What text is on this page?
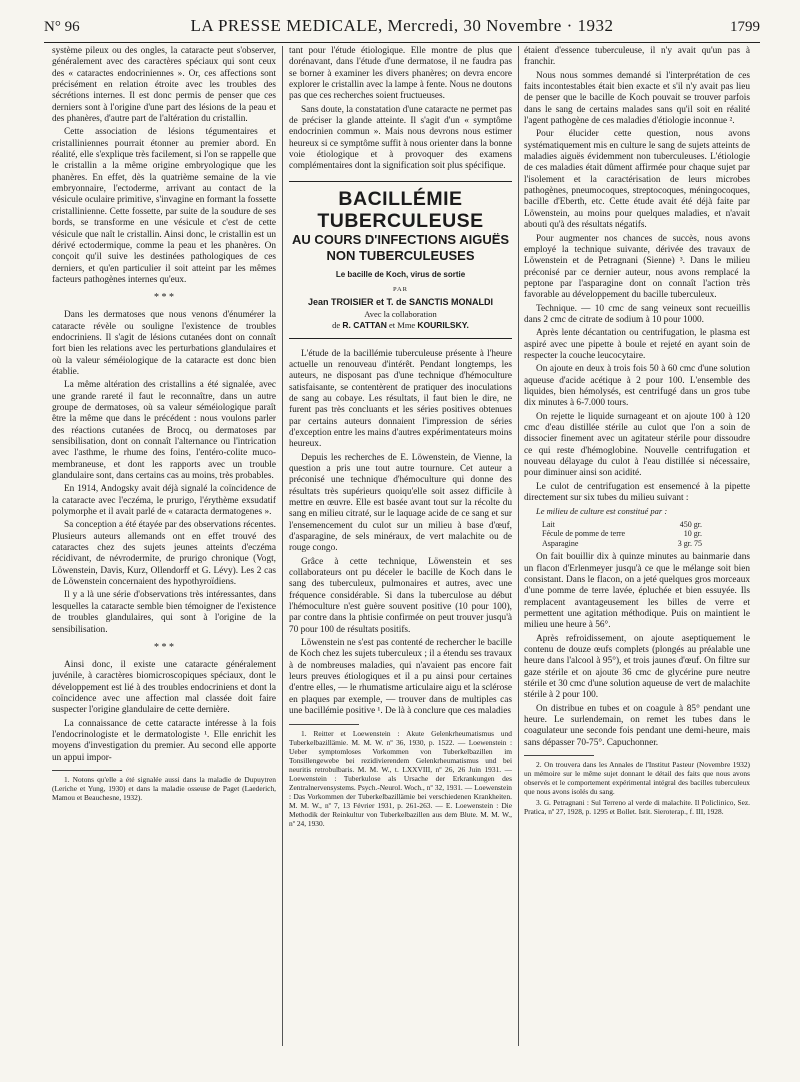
N° 96	LA PRESSE MEDICALE, Mercredi, 30 Novembre · 1932	1799

système pileux ou des ongles, la cataracte peut s'observer, généralement avec des caractères spéciaux qui sont ceux des « cataractes endocriniennes ». Or, ces affections sont précisément en relation étroite avec les troubles des sécrétions internes. Il est donc permis de penser que ces derniers sont à l'origine d'une part des lésions de la peau et des phanères, d'autre part de l'altération du cristallin.

Cette association de lésions tégumentaires et cristalliniennes pourrait étonner au premier abord. En réalité, elle s'explique très facilement, si l'on se rappelle que le cristallin a la même origine embryologique que les phanères. En effet, dès la quatrième semaine de la vie embryonnaire, l'ectoderme, arrivant au contact de la vésicule oculaire primitive, s'invagine en formant la fossette cristallinienne. Cette fossette, par suite de la soudure de ses bords, se transforme en une vésicule et c'est de cette vésicule que naît le cristallin. Ainsi donc, le cristallin est un dérivé ectodermique, comme la peau et les phanères. On conçoit qu'il suive les destinées pathologiques de ces derniers, et qu'en particulier il soit atteint par les mêmes facteurs pathogènes internes qu'eux.

* * *

Dans les dermatoses que nous venons d'énumérer la cataracte révèle ou souligne l'existence de troubles endocriniens. Il s'agit de lésions cutanées dont on connaît fort bien les relations avec les perturbations glandulaires et où la valeur séméiologique de la cataracte est donc bien établie.

La même altération des cristallins a été signalée, avec une grande rareté il faut le reconnaître, dans un autre groupe de dermatoses, où sa valeur séméiologique paraît être la même que dans le précédent : nous voulons parler des réactions cutanées de Brocq, ou dermatoses par sensibilisation, dont on connaît l'alternance ou l'intrication avec l'asthme, le rhume des foins, l'entéro-colite muco-membraneuse, et dont les rapports avec un trouble glandulaire sont, dans certains cas au moins, très probables.

En 1914, Andogsky avait déjà signalé la coïncidence de la cataracte avec l'eczéma, le prurigo, l'érythème exsudatif polymorphe et il avait parlé de « cataracta dermatogenes ».

Sa conception a été étayée par des observations récentes. Plusieurs auteurs allemands ont en effet trouvé des cataractes chez des sujets jeunes atteints d'eczéma récidivant, de névrodermite, de prurigo chronique (Vogt, Löwenstein, Davis, Kurz, Ollendorff et G. Lévy). Les 2 cas de Löwenstein concernaient des hypothyroïdiens.

Il y a là une série d'observations très intéressantes, dans lesquelles la cataracte semble bien témoigner de l'existence de troubles glandulaires, qui sont à l'origine de la sensibilisation.

* * *

Ainsi donc, il existe une cataracte généralement juvénile, à caractères biomicroscopiques spéciaux, dont le développement est lié à des troubles endocriniens et dont la coïncidence avec une affection mal classée doit faire suspecter l'origine glandulaire de cette dernière.

La connaissance de cette cataracte intéresse à la fois l'endocrinologiste et le dermatologiste ¹. Elle enrichit les moyens d'investigation du premier. Au second elle apporte un appui impor-

1. Notons qu'elle a été signalée aussi dans la maladie de Dupuytren (Leriche et Yung, 1930) et dans la maladie osseuse de Paget (Laederich, Mamou et Beauchesne, 1932).

tant pour l'étude étiologique. Elle montre de plus que dorénavant, dans l'étude d'une dermatose, il ne faudra pas se borner à examiner les divers phanères; on devra encore explorer le cristallin avec la lampe à fente. Nous ne doutons pas que ces recherches soient fructueuses.

Sans doute, la constatation d'une cataracte ne permet pas de préciser la glande atteinte. Il s'agit d'un « symptôme endocrinien commun ». Mais nous devrons nous estimer heureux si ce symptôme suffit à nous orienter dans la bonne voie étiologique et à provoquer des examens complémentaires dont la signification soit plus spécifique.

BACILLÉMIE TUBERCULEUSE
AU COURS D'INFECTIONS AIGUËS
NON TUBERCULEUSES
Le bacille de Koch, virus de sortie
PAR
Jean TROISIER et T. de SANCTIS MONALDI
Avec la collaboration
de R. CATTAN et Mme KOURILSKY.

L'étude de la bacillémie tuberculeuse présente à l'heure actuelle un renouveau d'intérêt. Pendant longtemps, les auteurs, ne disposant pas d'une technique d'hémoculture satisfaisante, se contentèrent de pratiquer des inoculations de sang au cobaye. Les résultats, il faut bien le dire, ne furent pas très concluants et les séries positives obtenues par certains auteurs donnaient l'impression de séries d'exception entre les mains d'autres expérimentateurs moins heureux.

Depuis les recherches de E. Löwenstein, de Vienne, la question a pris une tout autre tournure. Cet auteur a préconisé une technique d'hémoculture qui donne des résultats très supérieurs quoiqu'elle soit assez difficile à mettre en œuvre. Elle est basée avant tout sur la récolte du sang en milieu citraté, sur le laquage acide de ce sang et sur l'ensemencement du culot sur un milieu à base d'œuf, d'asparagine, de sels minéraux, de vert malachite ou de rouge congo.

Grâce à cette technique, Löwenstein et ses collaborateurs ont pu déceler le bacille de Koch dans le sang des tuberculeux, pulmonaires et autres, avec une fréquence considérable. Si dans la tuberculose au début l'hémoculture n'est guère souvent positive (10 pour 100), par contre dans la phtisie confirmée on peut trouver jusqu'à 70 pour 100 de résultats positifs.

Löwenstein ne s'est pas contenté de rechercher le bacille de Koch chez les sujets tuberculeux ; il a étendu ses travaux à de nombreuses maladies, qui n'avaient pas encore fait leurs preuves étiologiques et il a pu ainsi pour certaines d'entre elles, — le rhumatisme articulaire aigu et la sclérose en plaques par exemple, — trouver dans de multiples cas une bacillémie positive ¹. De là à conclure que ces maladies

1. Reitter et Loewenstein : Akute Gelenkrheumatismus und Tuberkelbazillämie. M. M. W. nº 36, 1930, p. 1522. — Loewenstein : Ueber symptomloses Vorkommen von Tuberkelbazillen im Tonsillengewebe bei rezidivierendem Gelenkrheumatismus und bei neuritis retrobulbaris. M. M. W., t. LXXVIII, nº 26, 26 Juin 1931. — Loewenstein : Tuberkulose als Ursache der Erkrankungen des Zentralnervensystems. Psych.-Neurol. Woch., nº 32, 1931. — Loewenstein : Das Vorkommen der Tuberkelbazillämie bei verschiedenen Krankheiten. M. M. W., nº 7, 13 Février 1931, p. 261-263. — E. Loewenstein : Die Methodik der Reinkultur von Tuberkelbazillen aus dem Blute. M. M. W., nº 24, 1930.

étaient d'essence tuberculeuse, il n'y avait qu'un pas à franchir.

Nous nous sommes demandé si l'interprétation de ces faits incontestables était bien exacte et s'il n'y avait pas lieu de penser que le bacille de Koch pouvait se trouver parfois dans le sang de certains malades sans qu'il soit en réalité l'agent pathogène de ces maladies d'étiologie inconnue ².

Pour élucider cette question, nous avons systématiquement mis en culture le sang de sujets atteints de maladies aiguës évidemment non tuberculeuses. L'étiologie de ces maladies était dûment affirmée pour chaque sujet par l'isolement et la caractérisation de leurs microbes pathogènes, pneumocoques, streptocoques, méningocoques, bacille d'Eberth, etc. Cette étude avait été déjà faite par Löwenstein, au moins pour quelques maladies, et n'avait abouti qu'à des résultats négatifs.

Pour augmenter nos chances de succès, nous avons employé la technique suivante, dérivée des travaux de Löwenstein et de Petragnani (Sienne) ³. Dans le milieu préconisé par ce dernier auteur, nous avons remplacé la peptone par l'asparagine dont on connaît l'action très favorable au développement du bacille tuberculeux.

Technique. — 10 cmc de sang veineux sont recueillis dans 2 cmc de citrate de sodium à 10 pour 1000.

Après lente décantation ou centrifugation, le plasma est aspiré avec une pipette à boule et rejeté en ayant soin de respecter la couche leucocytaire.

On ajoute en deux à trois fois 50 à 60 cmc d'une solution aqueuse d'acide acétique à 2 pour 100. L'ensemble des liquides, bien hémolysés, est centrifugé dans un gros tube dix minutes à 6-7.000 tours.

On rejette le liquide surnageant et on ajoute 100 à 120 cmc d'eau distillée stérile au culot que l'on a soin de dissocier finement avec un agitateur stérile pour dissoudre ce qui reste d'hémoglobine. Nouvelle centrifugation et nouveau délayage du culot à l'eau distillée si nécessaire, pour diminuer ainsi son acidité.

Le culot de centrifugation est ensemencé à la pipette directement sur six tubes du milieu suivant :

Le milieu de culture est constitué par :

Lait	450 gr.
Fécule de pomme de terre	10 gr.
Asparagine	3 gr. 75

On fait bouillir dix à quinze minutes au bainmarie dans un flacon d'Erlenmeyer jusqu'à ce que le mélange soit bien consistant. Dans le flacon, on a jeté quelques gros morceaux d'une pomme de terre lavée, épluchée et bien essuyée. Ils remplacent avantageusement les billes de verre et permettent une agitation méthodique. Puis on maintient le milieu une heure à 56°.

Après refroidissement, on ajoute aseptiquement le contenu de douze œufs complets (plongés au préalable une heure dans l'alcool à 95°), et trois jaunes d'œuf. On filtre sur gaze stérile et on ajoute 36 cmc de glycérine pure neutre stérile et 30 cmc d'une solution aqueuse de vert de malachite stérile à 2 pour 100.

On distribue en tubes et on coagule à 85° pendant une heure. Le surlendemain, on remet les tubes dans le coagulateur une seconde fois pendant une demi-heure, mais sans dépasser 70-75°. Capuchonner.

2. On trouvera dans les Annales de l'Institut Pasteur (Novembre 1932) un mémoire sur le même sujet donnant le détail des faits que nous avons observés et le comportement expérimental intégral des bacilles tuberculeux que nous avons isolés du sang.

3. G. Petragnani : Sul Terreno al verde di malachite. Il Policlinico, Sez. Pratica, nº 27, 1928, p. 1295 et Bollet. Istit. Sieroterap., f. III, 1928.
